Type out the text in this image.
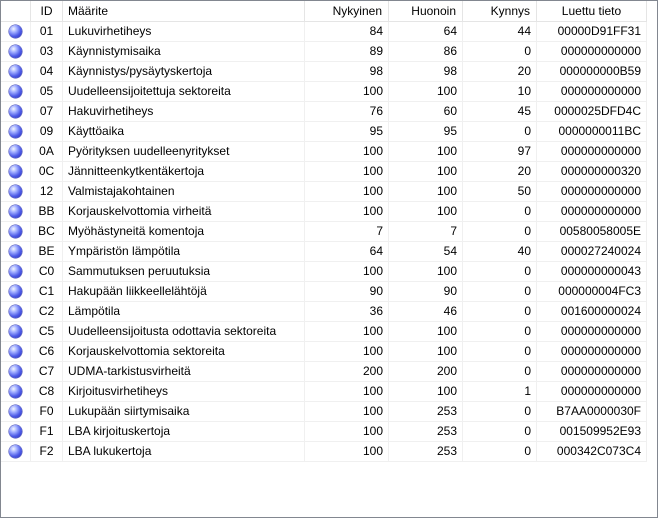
ID	Määrite	Nykyinen	Huonoin	Kynnys	Luettu tieto
01	Lukuvirhetiheys	84	64	44	00000D91FF31
03	Käynnistymisaika	89	86	0	000000000000
04	Käynnistys/pysäytyskertoja	98	98	20	000000000B59
05	Uudelleensijoitettuja sektoreita	100	100	10	000000000000
07	Hakuvirhetiheys	76	60	45	0000025DFD4C
09	Käyttöaika	95	95	0	0000000011BC
0A	Pyörityksen uudelleenyritykset	100	100	97	000000000000
0C	Jännitteenkytkentäkertoja	100	100	20	000000000320
12	Valmistajakohtainen	100	100	50	000000000000
BB	Korjauskelvottomia virheitä	100	100	0	000000000000
BC	Myöhästyneitä komentoja	7	7	0	00580058005E
BE	Ympäristön lämpötila	64	54	40	000027240024
C0	Sammutuksen peruutuksia	100	100	0	000000000043
C1	Hakupään liikkeellelähtöjä	90	90	0	000000004FC3
C2	Lämpötila	36	46	0	001600000024
C5	Uudelleensijoitusta odottavia sektoreita	100	100	0	000000000000
C6	Korjauskelvottomia sektoreita	100	100	0	000000000000
C7	UDMA-tarkistusvirheitä	200	200	0	000000000000
C8	Kirjoitusvirhetiheys	100	100	1	000000000000
F0	Lukupään siirtymisaika	100	253	0	B7AA0000030F
F1	LBA kirjoituskertoja	100	253	0	001509952E93
F2	LBA lukukertoja	100	253	0	000342C073C4
